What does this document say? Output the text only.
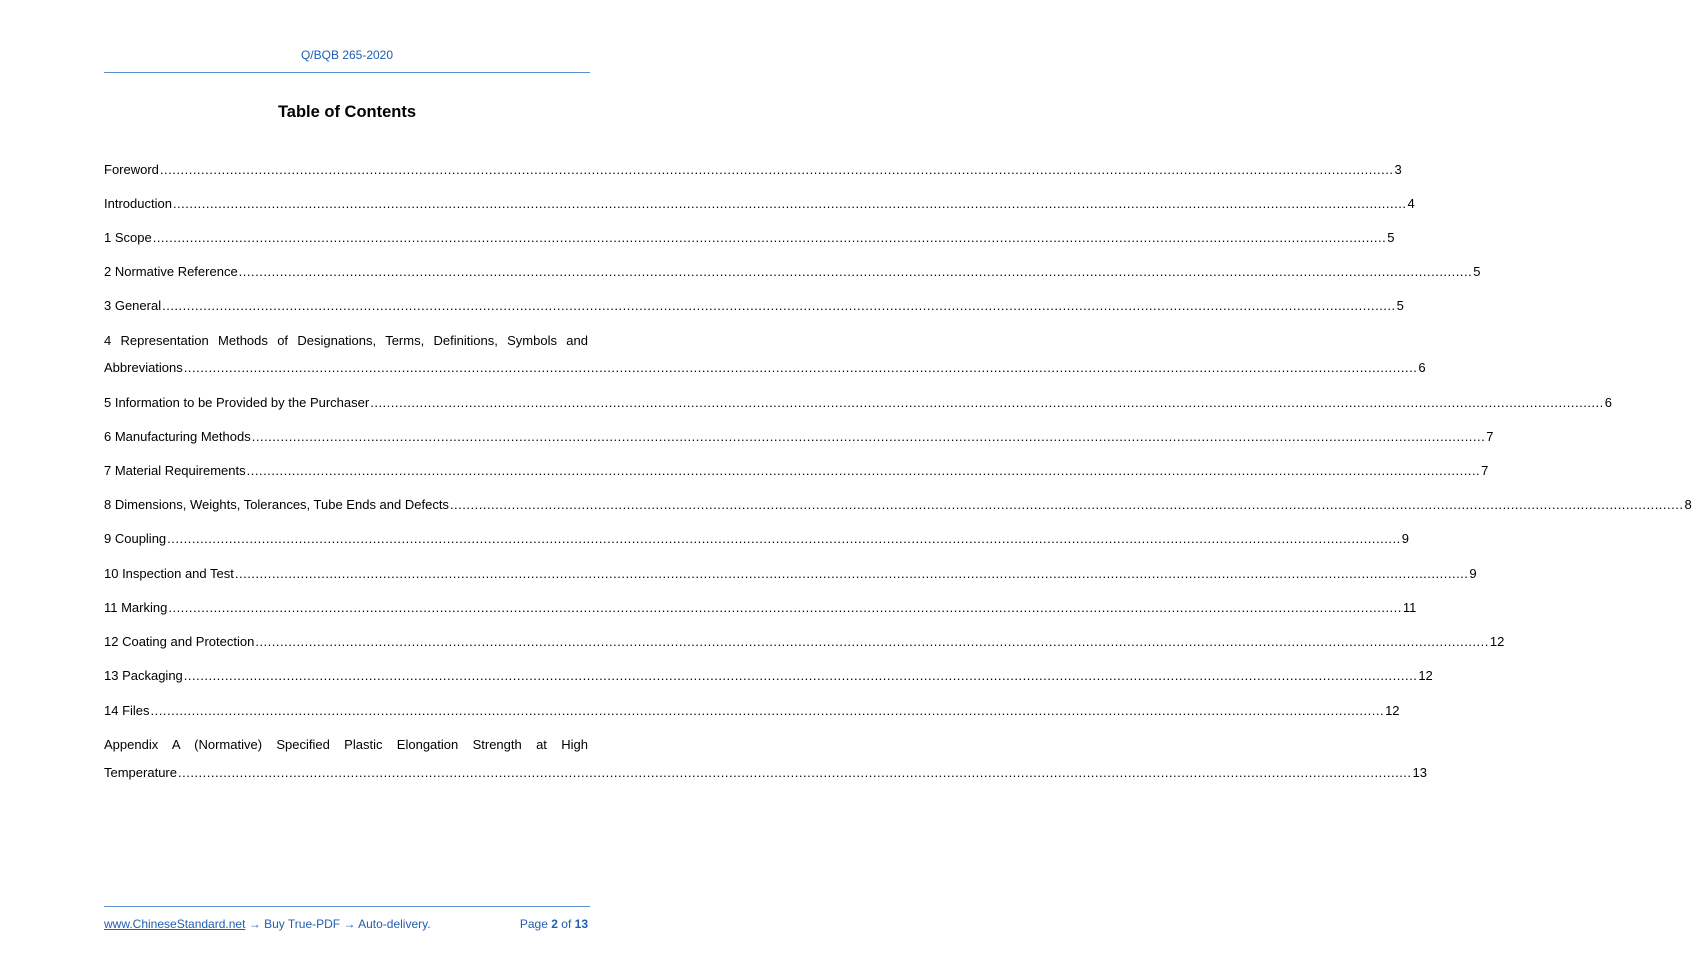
Q/BQB 265-2020
Table of Contents
Foreword ............................................................................................................................................................................................................................................................................................................ 3
Introduction ............................................................................................................................................................................................................................................................................................................ 4
1 Scope ............................................................................................................................................................................................................................................................................................................ 5
2 Normative Reference ............................................................................................................................................................................................................................................................................................................ 5
3 General ............................................................................................................................................................................................................................................................................................................ 5
4 Representation Methods of Designations, Terms, Definitions, Symbols and
Abbreviations ............................................................................................................................................................................................................................................................................................................ 6
5 Information to be Provided by the Purchaser ............................................................................................................................................................................................................................................................................................................ 6
6 Manufacturing Methods ............................................................................................................................................................................................................................................................................................................ 7
7 Material Requirements ............................................................................................................................................................................................................................................................................................................ 7
8 Dimensions, Weights, Tolerances, Tube Ends and Defects ............................................................................................................................................................................................................................................................................................................ 8
9 Coupling ............................................................................................................................................................................................................................................................................................................ 9
10 Inspection and Test ............................................................................................................................................................................................................................................................................................................ 9
11 Marking ............................................................................................................................................................................................................................................................................................................ 11
12 Coating and Protection ............................................................................................................................................................................................................................................................................................................ 12
13 Packaging ............................................................................................................................................................................................................................................................................................................ 12
14 Files ............................................................................................................................................................................................................................................................................................................ 12
Appendix A (Normative) Specified Plastic Elongation Strength at High
Temperature ............................................................................................................................................................................................................................................................................................................ 13
www.ChineseStandard.net → Buy True-PDF → Auto-delivery.	Page 2 of 13
